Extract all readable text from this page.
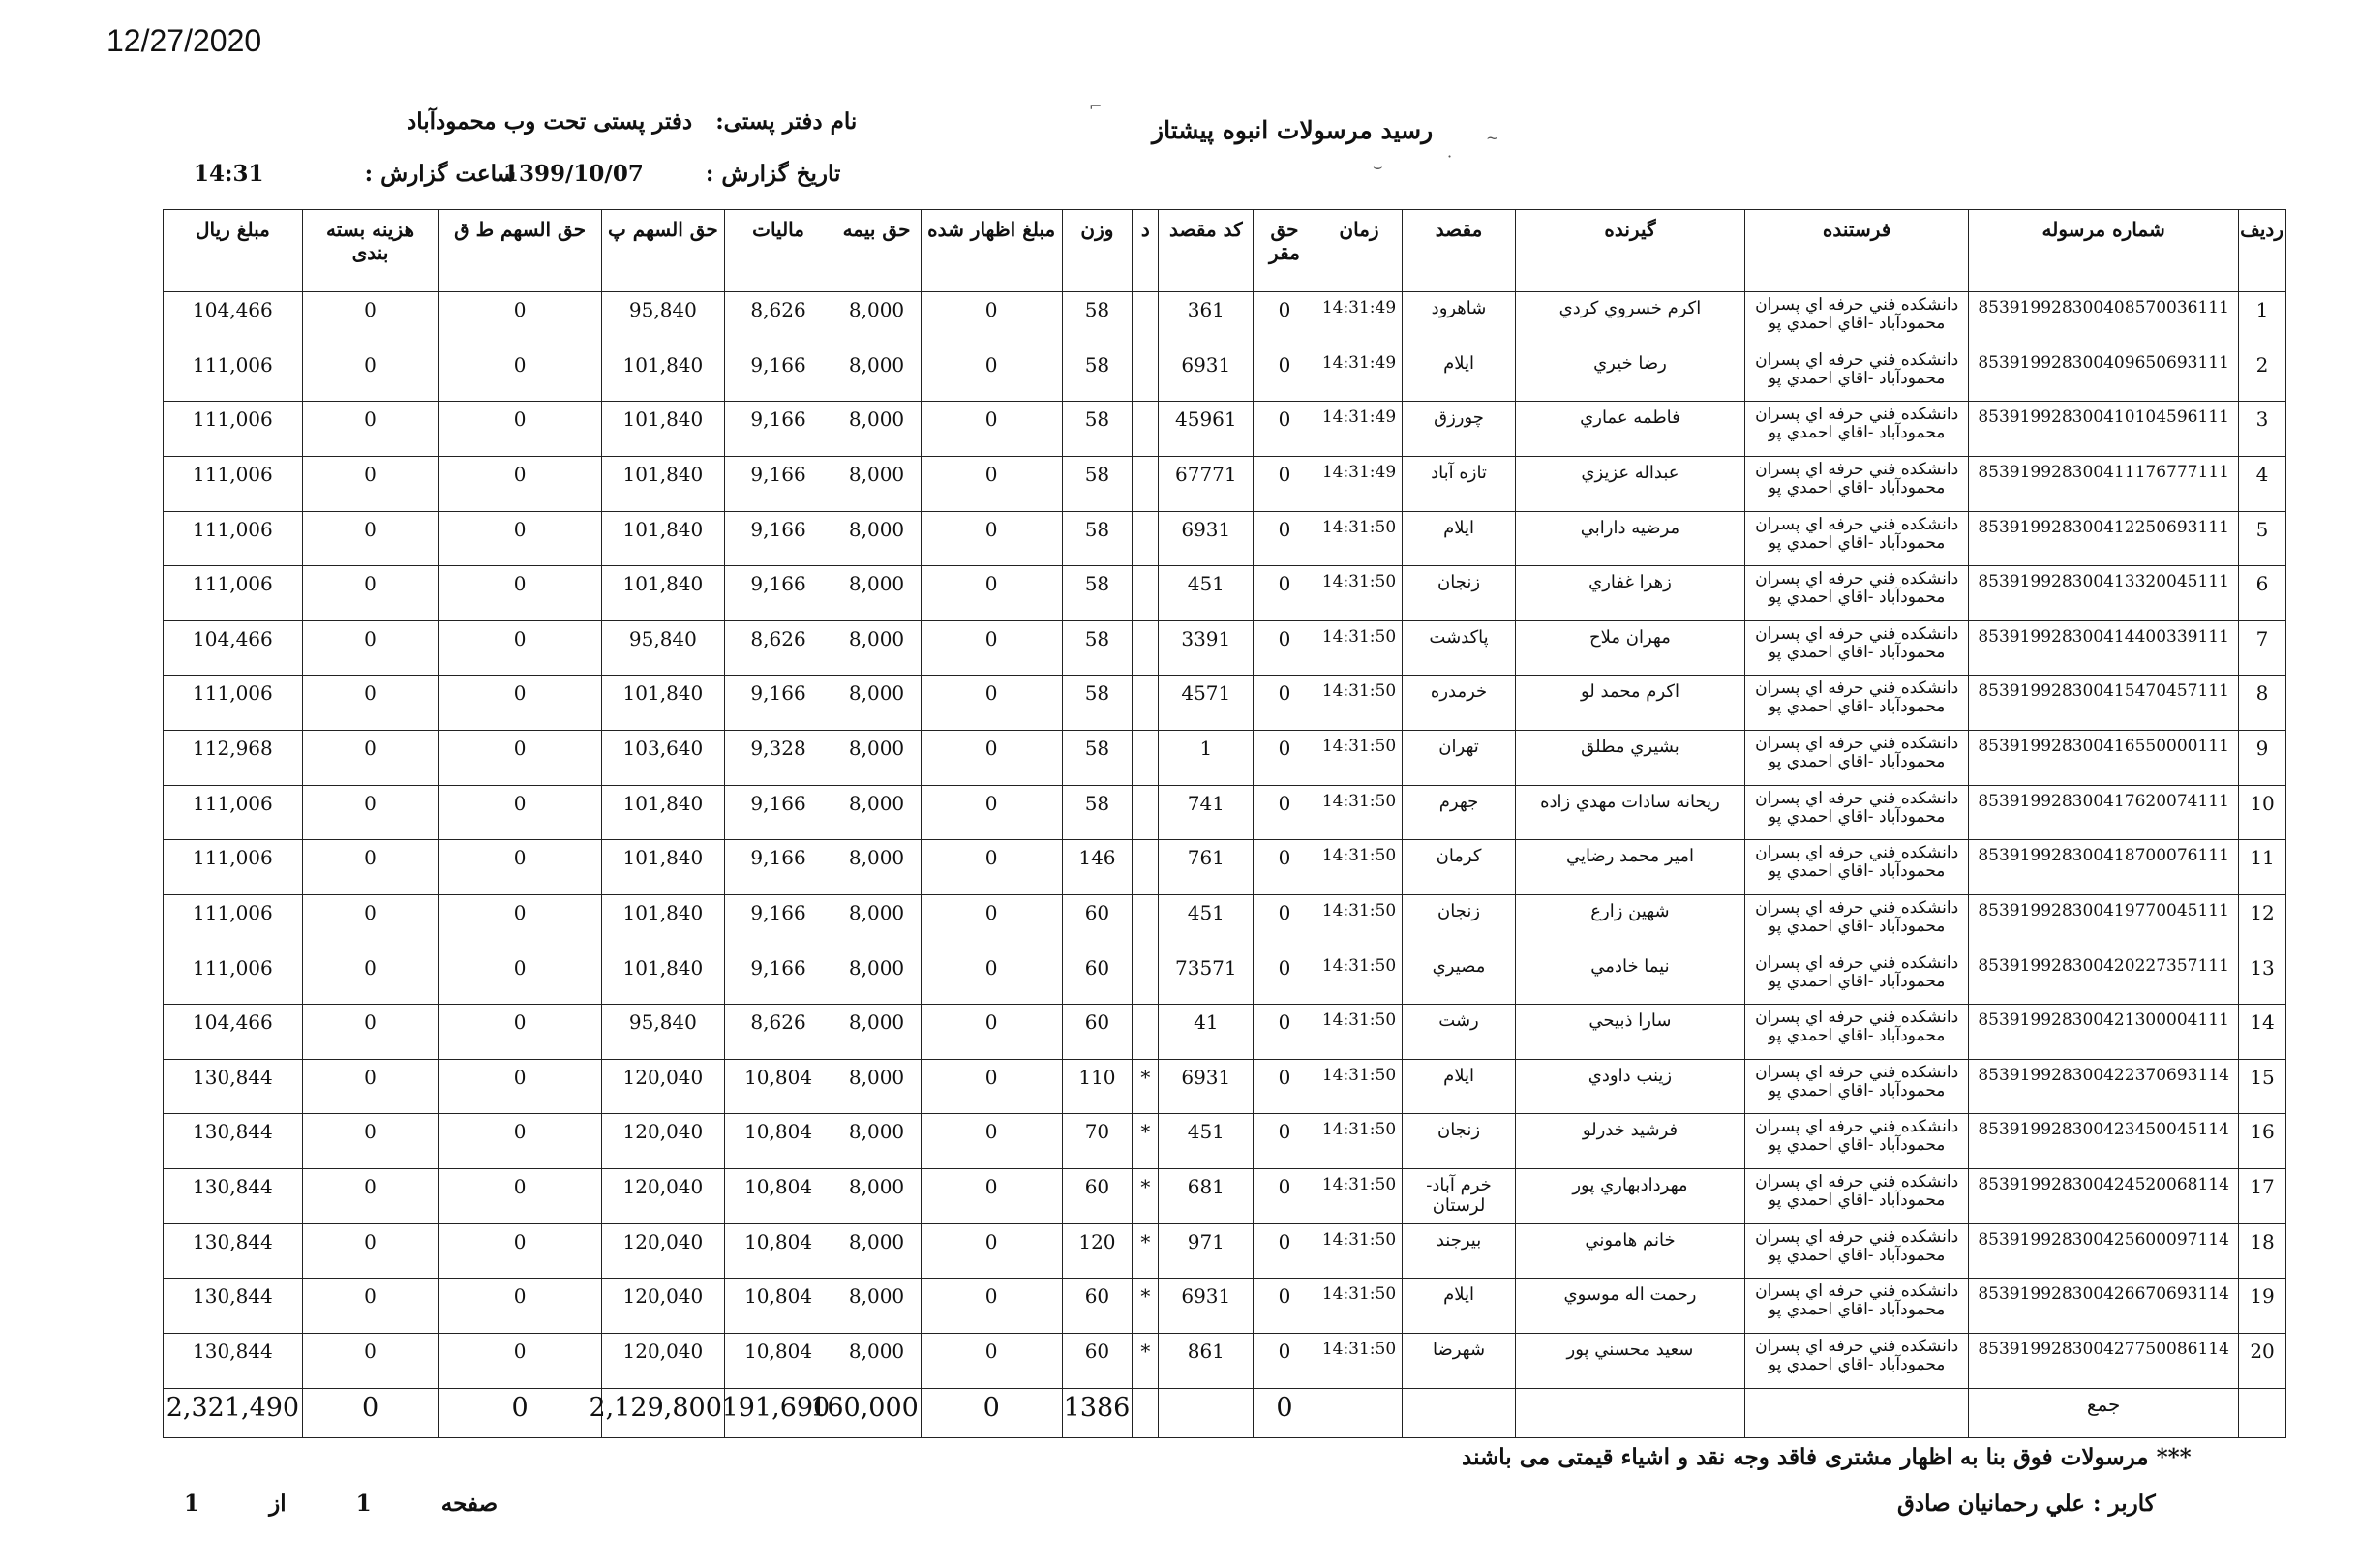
12/27/2020
رسید مرسولات انبوه پیشتاز
نام دفتر پستی:   دفتر پستی تحت وب محمودآباد
تاریخ گزارش :        1399/10/07
ساعت گزارش :             14:31
⌐
~
·
⌣
ردیف	شماره مرسوله	فرستنده	گیرنده	مقصد	زمان	حق مقر	کد مقصد	د	وزن	مبلغ اظهار شده	حق بیمه	مالیات	حق السهم پ	حق السهم ط ق	هزینه بسته بندی	مبلغ ریال
1	853919928300408570036111	دانشكده فني حرفه اي پسران
محمودآباد -اقاي احمدي پو	اكرم خسروي كردي	شاهرود	14:31:49	0	361		58	0	8,000	8,626	95,840	0	0	104,466
2	853919928300409650693111	دانشكده فني حرفه اي پسران
محمودآباد -اقاي احمدي پو	رضا خيري	ايلام	14:31:49	0	6931		58	0	8,000	9,166	101,840	0	0	111,006
3	853919928300410104596111	دانشكده فني حرفه اي پسران
محمودآباد -اقاي احمدي پو	فاطمه عماري	چورزق	14:31:49	0	45961		58	0	8,000	9,166	101,840	0	0	111,006
4	853919928300411176777111	دانشكده فني حرفه اي پسران
محمودآباد -اقاي احمدي پو	عبداله عزيزي	تازه آباد	14:31:49	0	67771		58	0	8,000	9,166	101,840	0	0	111,006
5	853919928300412250693111	دانشكده فني حرفه اي پسران
محمودآباد -اقاي احمدي پو	مرضيه دارابي	ايلام	14:31:50	0	6931		58	0	8,000	9,166	101,840	0	0	111,006
6	853919928300413320045111	دانشكده فني حرفه اي پسران
محمودآباد -اقاي احمدي پو	زهرا غفاري	زنجان	14:31:50	0	451		58	0	8,000	9,166	101,840	0	0	111,006
7	853919928300414400339111	دانشكده فني حرفه اي پسران
محمودآباد -اقاي احمدي پو	مهران ملاح	پاكدشت	14:31:50	0	3391		58	0	8,000	8,626	95,840	0	0	104,466
8	853919928300415470457111	دانشكده فني حرفه اي پسران
محمودآباد -اقاي احمدي پو	اكرم محمد لو	خرمدره	14:31:50	0	4571		58	0	8,000	9,166	101,840	0	0	111,006
9	853919928300416550000111	دانشكده فني حرفه اي پسران
محمودآباد -اقاي احمدي پو	بشيري مطلق	تهران	14:31:50	0	1		58	0	8,000	9,328	103,640	0	0	112,968
10	853919928300417620074111	دانشكده فني حرفه اي پسران
محمودآباد -اقاي احمدي پو	ريحانه سادات مهدي زاده	جهرم	14:31:50	0	741		58	0	8,000	9,166	101,840	0	0	111,006
11	853919928300418700076111	دانشكده فني حرفه اي پسران
محمودآباد -اقاي احمدي پو	امير محمد رضايي	كرمان	14:31:50	0	761		146	0	8,000	9,166	101,840	0	0	111,006
12	853919928300419770045111	دانشكده فني حرفه اي پسران
محمودآباد -اقاي احمدي پو	شهين زارع	زنجان	14:31:50	0	451		60	0	8,000	9,166	101,840	0	0	111,006
13	853919928300420227357111	دانشكده فني حرفه اي پسران
محمودآباد -اقاي احمدي پو	نيما خادمي	مصيري	14:31:50	0	73571		60	0	8,000	9,166	101,840	0	0	111,006
14	853919928300421300004111	دانشكده فني حرفه اي پسران
محمودآباد -اقاي احمدي پو	سارا ذبيحي	رشت	14:31:50	0	41		60	0	8,000	8,626	95,840	0	0	104,466
15	853919928300422370693114	دانشكده فني حرفه اي پسران
محمودآباد -اقاي احمدي پو	زينب داودي	ايلام	14:31:50	0	6931	*	110	0	8,000	10,804	120,040	0	0	130,844
16	853919928300423450045114	دانشكده فني حرفه اي پسران
محمودآباد -اقاي احمدي پو	فرشيد خدرلو	زنجان	14:31:50	0	451	*	70	0	8,000	10,804	120,040	0	0	130,844
17	853919928300424520068114	دانشكده فني حرفه اي پسران
محمودآباد -اقاي احمدي پو	مهردادبهاري پور	خرم آباد-لرستان	14:31:50	0	681	*	60	0	8,000	10,804	120,040	0	0	130,844
18	853919928300425600097114	دانشكده فني حرفه اي پسران
محمودآباد -اقاي احمدي پو	خانم هاموني	بيرجند	14:31:50	0	971	*	120	0	8,000	10,804	120,040	0	0	130,844
19	853919928300426670693114	دانشكده فني حرفه اي پسران
محمودآباد -اقاي احمدي پو	رحمت اله موسوي	ايلام	14:31:50	0	6931	*	60	0	8,000	10,804	120,040	0	0	130,844
20	853919928300427750086114	دانشكده فني حرفه اي پسران
محمودآباد -اقاي احمدي پو	سعيد محسني پور	شهرضا	14:31:50	0	861	*	60	0	8,000	10,804	120,040	0	0	130,844
	جمع					0			1386	0	160,000	191,690	2,129,800	0	0	2,321,490
*** مرسولات فوق بنا به اظهار مشتری فاقد وجه نقد و اشیاء قیمتی می باشند
کاربر : علي رحمانيان صادق
صفحه         1         از         1
